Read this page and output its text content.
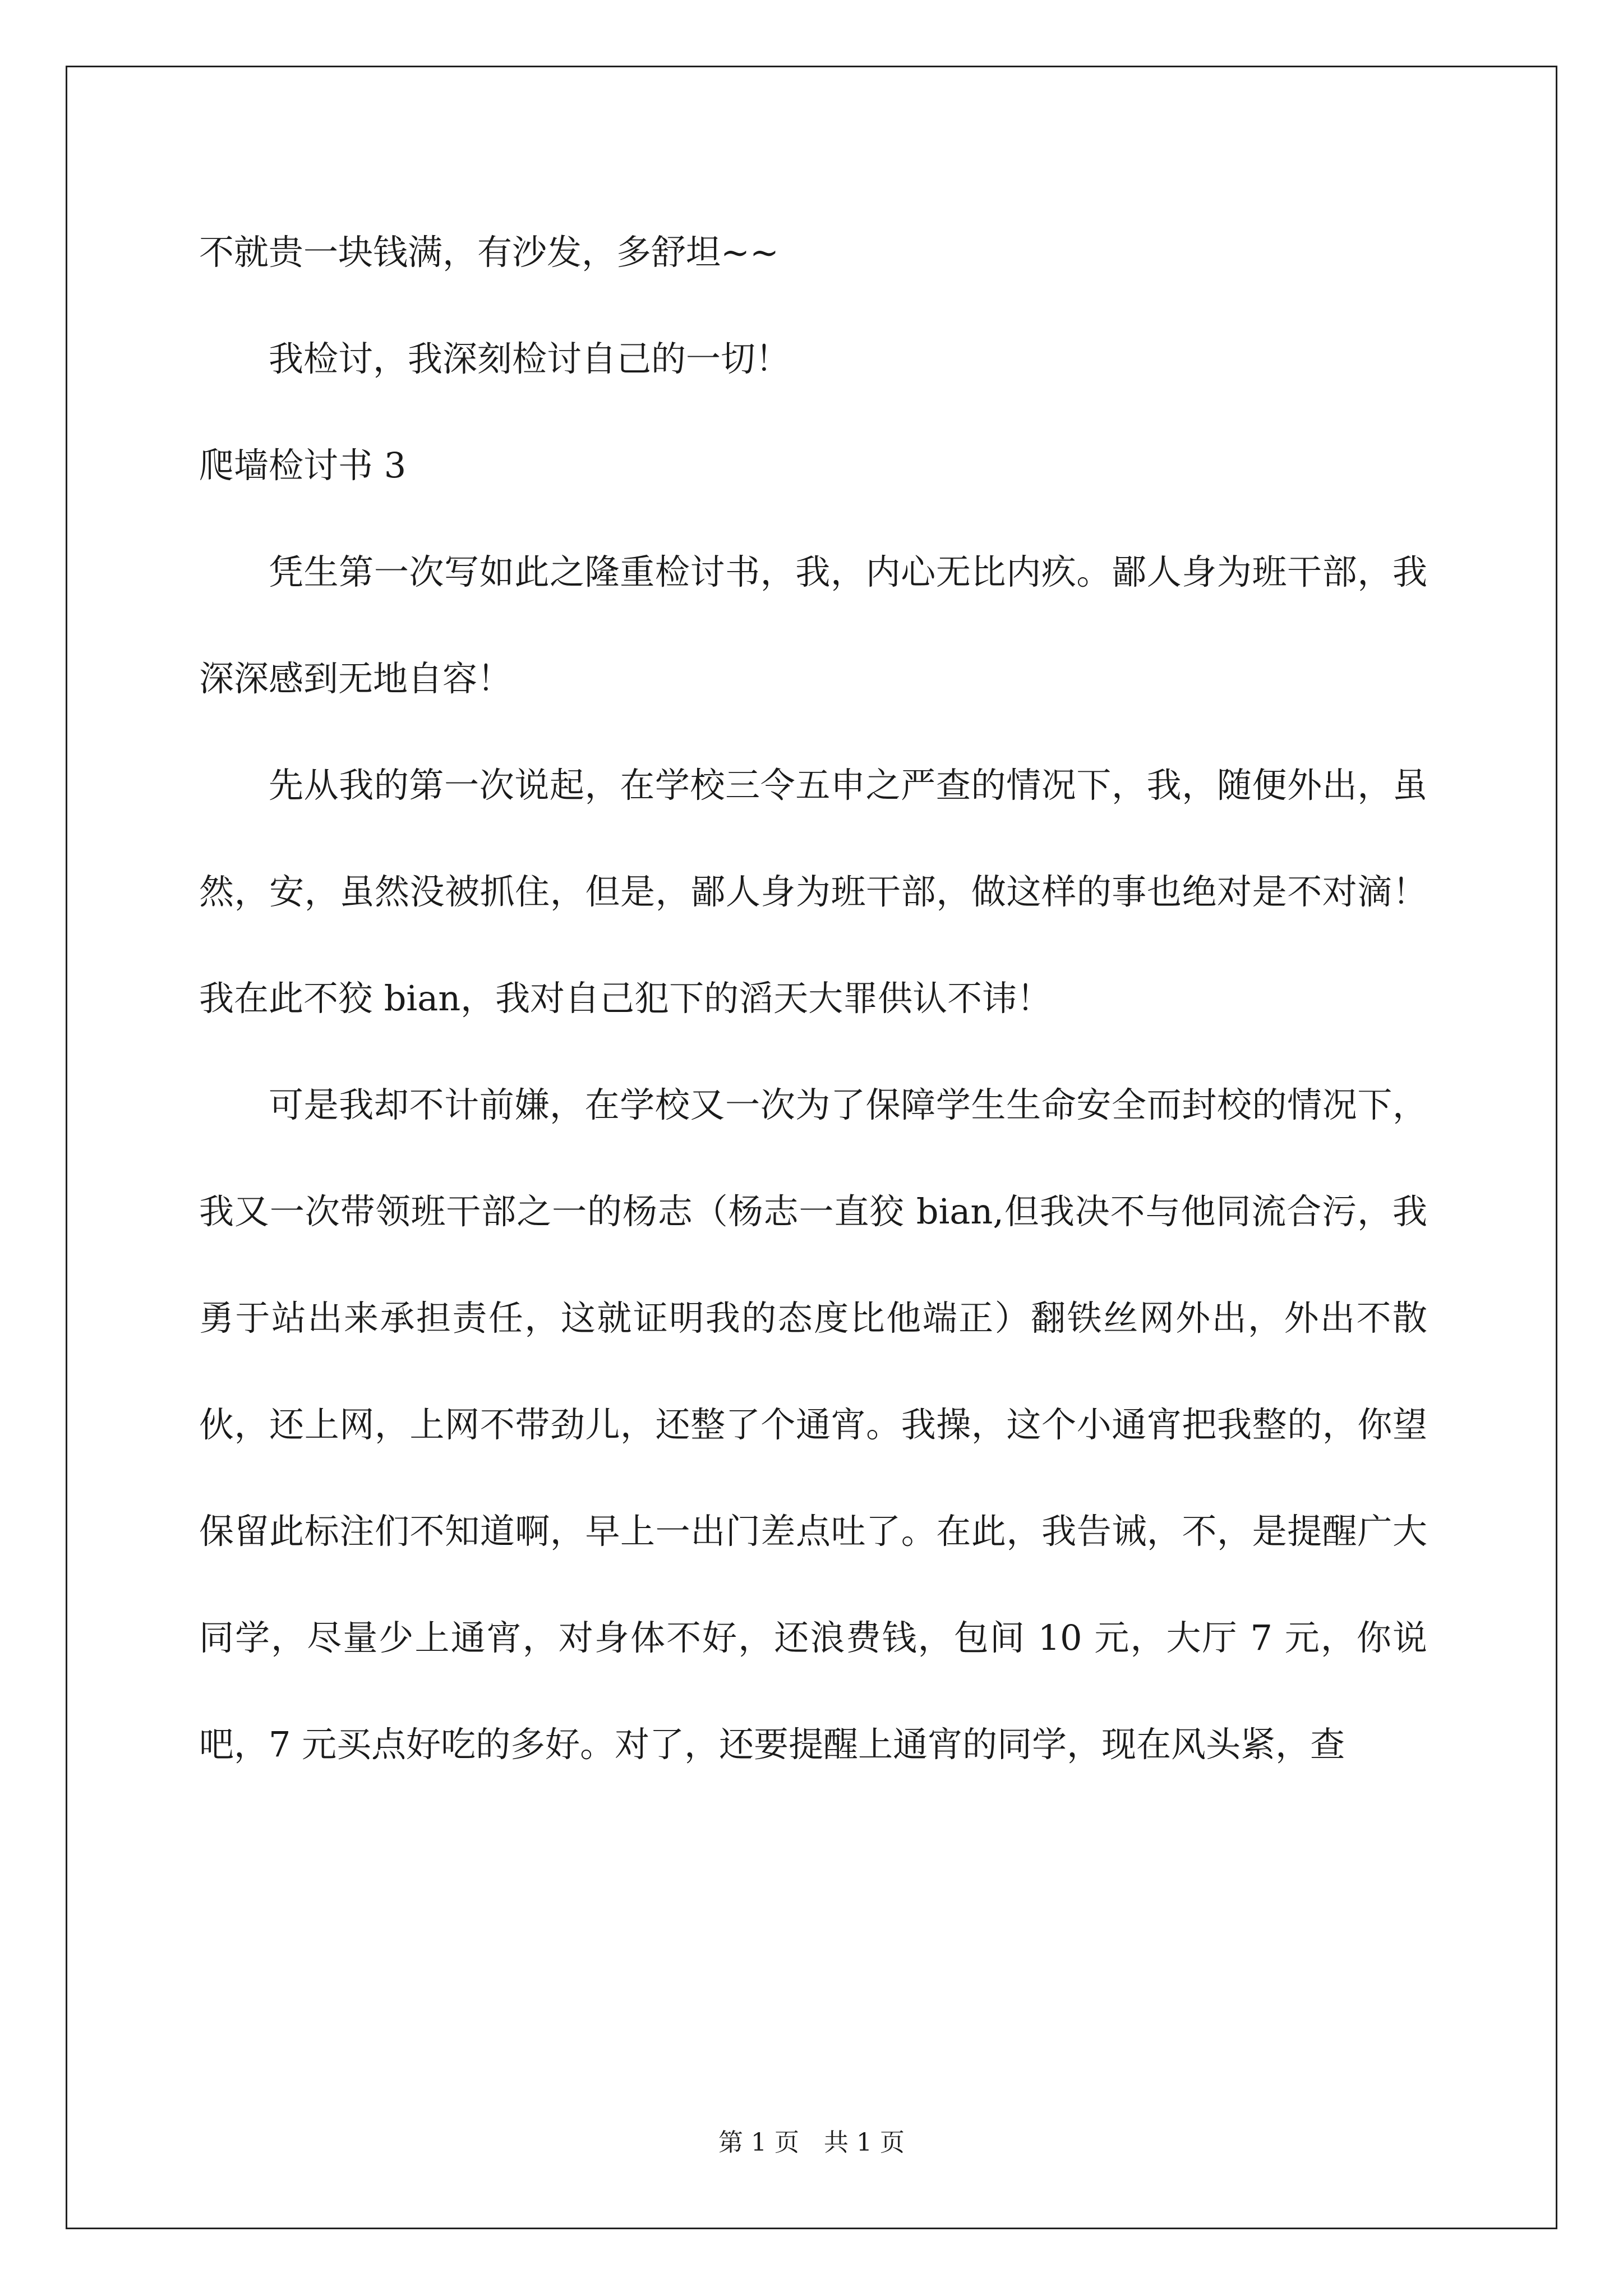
不就贵一块钱满，有沙发，多舒坦~~

我检讨，我深刻检讨自己的一切！

爬墙检讨书 3

凭生第一次写如此之隆重检讨书，我，内心无比内疚。鄙人身为班干部，我深深感到无地自容！

先从我的第一次说起，在学校三令五申之严查的情况下，我，随便外出，虽然，安，虽然没被抓住，但是，鄙人身为班干部，做这样的事也绝对是不对滴！我在此不狡 bian，我对自己犯下的滔天大罪供认不讳！

可是我却不计前嫌，在学校又一次为了保障学生生命安全而封校的情况下，我又一次带领班干部之一的杨志（杨志一直狡 bian,但我决不与他同流合污，我勇于站出来承担责任，这就证明我的态度比他端正）翻铁丝网外出，外出不散伙，还上网，上网不带劲儿，还整了个通宵。我操，这个小通宵把我整的，你望保留此标注们不知道啊，早上一出门差点吐了。在此，我告诫，不，是提醒广大同学，尽量少上通宵，对身体不好，还浪费钱，包间 10 元，大厅 7 元，你说吧，7 元买点好吃的多好。对了，还要提醒上通宵的同学，现在风头紧，查

第 1 页　共 1 页
